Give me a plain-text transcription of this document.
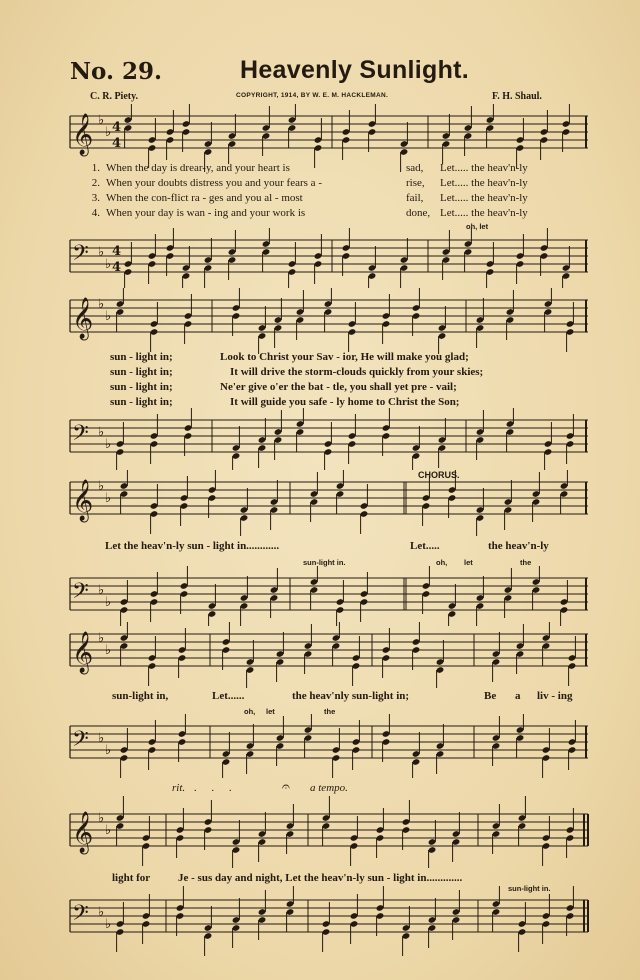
No. 29.	Heavenly Sunlight.
C. R. Piety.	COPYRIGHT, 1914, BY W. E. M. HACKLEMAN.	F. H. Shaul.
𝄞 ♭
♭ 4
4
1. When the day is drear-y, and your heart is	sad, Let..... the heav'n-ly
2. When your doubts distress you and your fears a -	rise, Let..... the heav'n-ly
3. When the con-flict ra - ges and you al - most	fail, Let..... the heav'n-ly
4. When your day is wan - ing and your work is	done, Let..... the heav'n-ly
oh, let
𝄢 ♭
♭
4
4
𝄞 ♭
♭
sun - light in;	Look to Christ your Sav - ior, He will make you glad;
sun - light in;	It will drive the storm-clouds quickly from your skies;
sun - light in;	Ne'er give o'er the bat - tle, you shall yet pre - vail;
sun - light in;	It will guide you safe - ly home to Christ the Son;
𝄢 ♭
♭
CHORUS.
𝄞 ♭
♭
Let the heav'n-ly sun - light in............	Let.....	the heav'n-ly
sun-light in.	oh, let	the
𝄢 ♭
♭
𝄞 ♭
♭
sun-light in,	Let......	the heav'nly sun-light in;	Be a liv - ing
oh, let	the
𝄢 ♭
♭
rit. . . .	a tempo.
𝄐
𝄞 ♭
♭
light for	Je - sus day and night, Let the heav'n-ly sun - light in.............
sun-light in.
𝄢 ♭
♭
